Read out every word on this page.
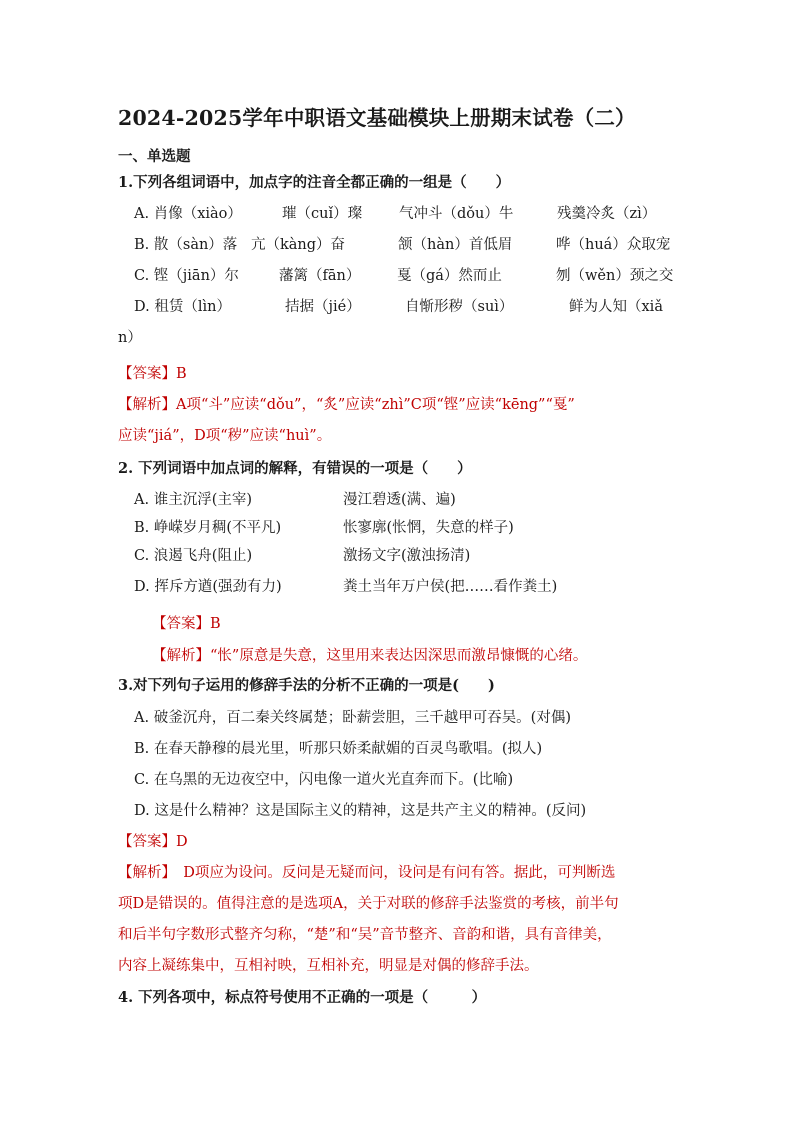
2024-2025学年中职语文基础模块上册期末试卷（二）
一、单选题
1.下列各组词语中，加点字的注音全都正确的一组是（　　）
A. 肖像（xiào）	璀（cuǐ）璨	气冲斗（dǒu）牛	残羹冷炙（zì）
B. 散（sàn）落 亢（kàng）奋	颔（hàn）首低眉	哗（huá）众取宠
C. 铿（jiān）尔	藩篱（fān）	戛（gá）然而止	刎（wěn）颈之交
D. 租赁（lìn）	拮据（jié）	自惭形秽（suì）	鲜为人知（xiǎ
n）
【答案】B
【解析】A项“斗”应读“dǒu”，“炙”应读“zhì”C项“铿”应读“kēng”“戛”
应读“jiá”，D项“秽”应读“huì”。
2. 下列词语中加点词的解释，有错误的一项是（　　）
A. 谁主沉浮(主宰)	漫江碧透(满、遍)
B. 峥嵘岁月稠(不平凡)	怅寥廓(怅惘，失意的样子)
C. 浪遏飞舟(阻止)	激扬文字(激浊扬清)
D. 挥斥方遒(强劲有力)	粪土当年万户侯(把……看作粪土)
【答案】B
【解析】“怅”原意是失意，这里用来表达因深思而激昂慷慨的心绪。
3.对下列句子运用的修辞手法的分析不正确的一项是(　　)
A. 破釜沉舟，百二秦关终属楚；卧薪尝胆，三千越甲可吞吴。(对偶)
B. 在春天静穆的晨光里，听那只娇柔献媚的百灵鸟歌唱。(拟人)
C. 在乌黑的无边夜空中，闪电像一道火光直奔而下。(比喻)
D. 这是什么精神？这是国际主义的精神，这是共产主义的精神。(反问)
【答案】D
【解析】　D项应为设问。反问是无疑而问，设问是有问有答。据此，可判断选
项D是错误的。值得注意的是选项A，关于对联的修辞手法鉴赏的考核，前半句
和后半句字数形式整齐匀称，“楚”和“吴”音节整齐、音韵和谐，具有音律美，
内容上凝练集中，互相衬映，互相补充，明显是对偶的修辞手法。
4. 下列各项中，标点符号使用不正确的一项是（　　　）
